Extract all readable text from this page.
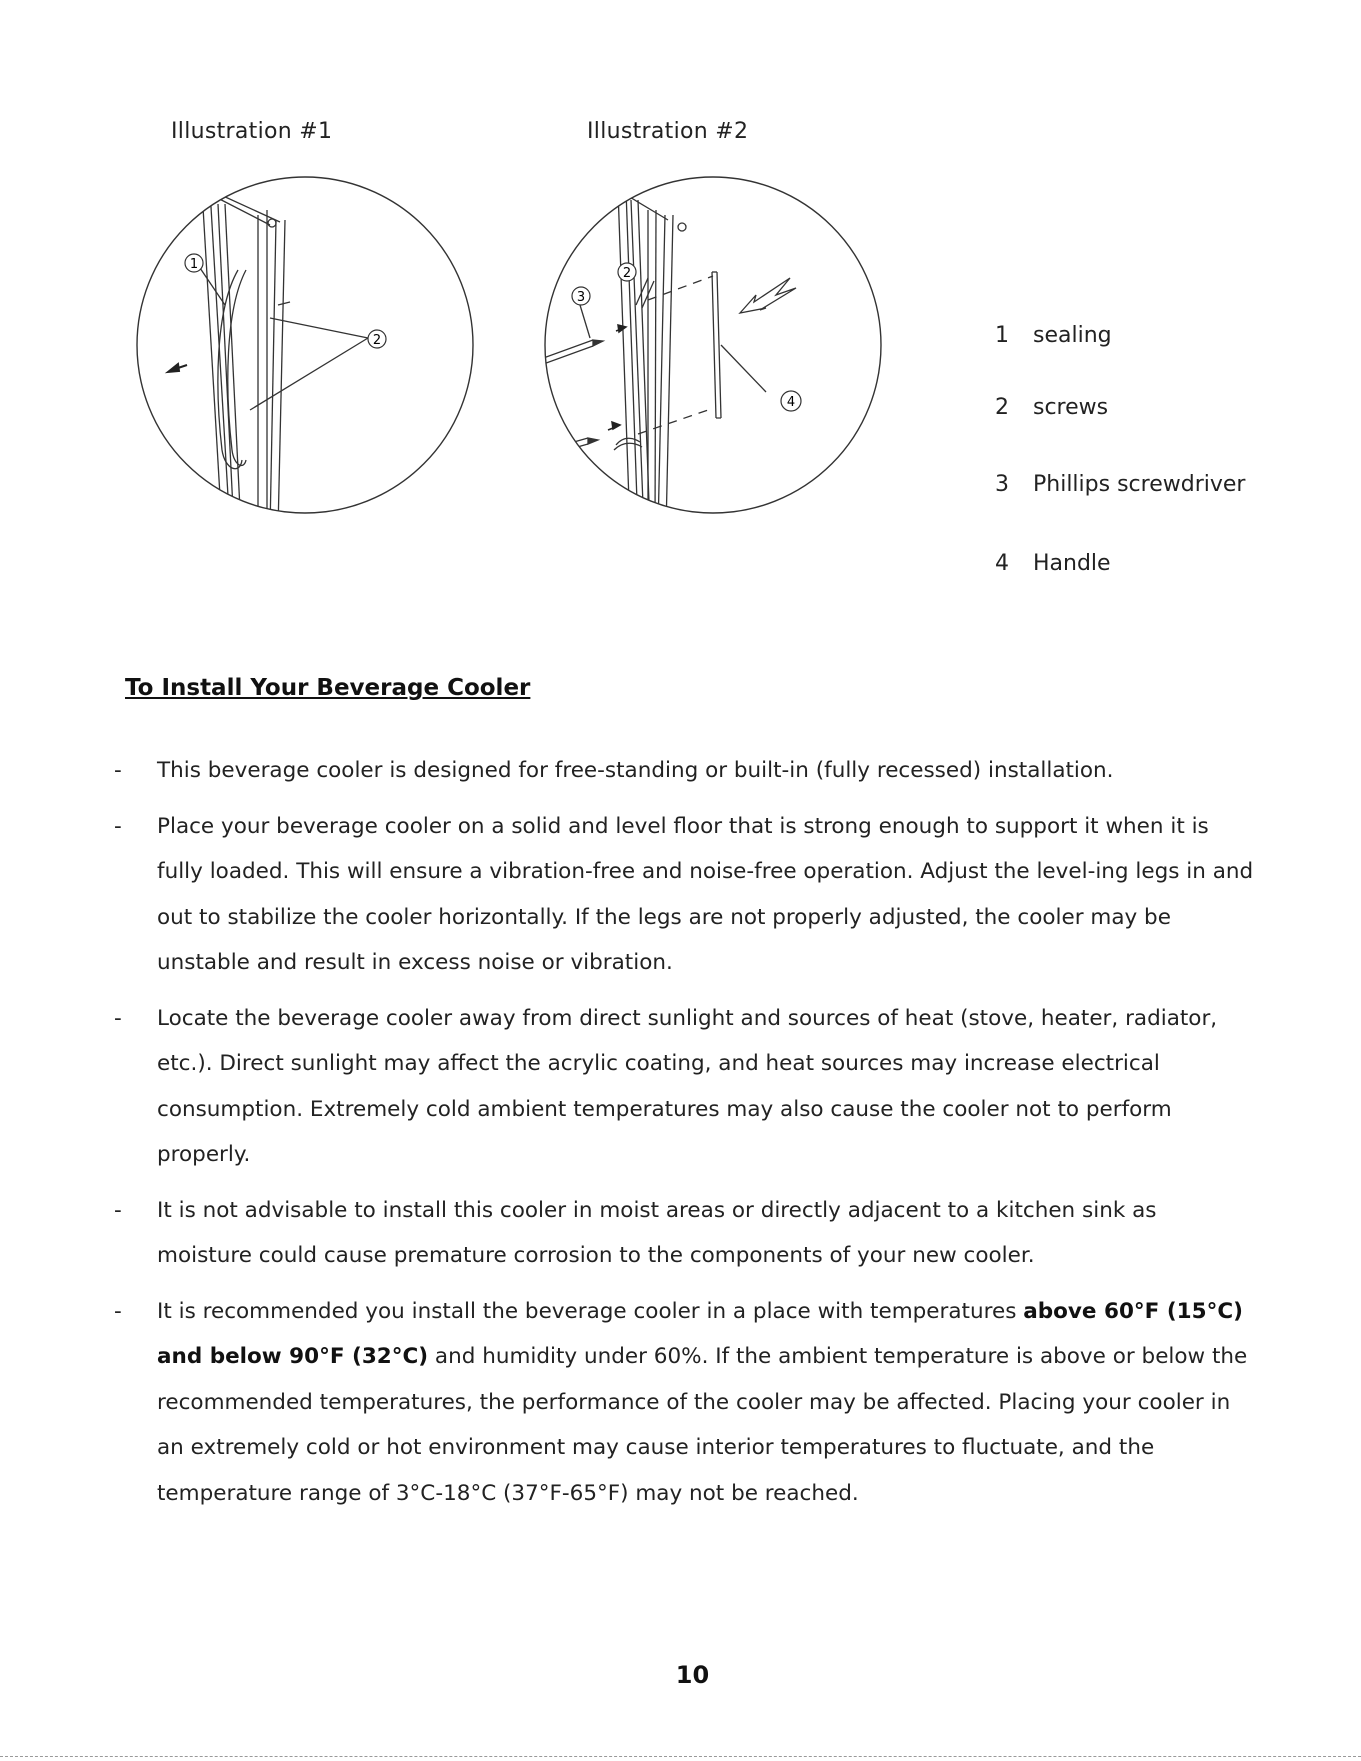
Illustration #1	Illustration #2
1
2
2
3
4
1 sealing
2 screws
3 Phillips screwdriver
4 Handle
To Install Your Beverage Cooler
- This beverage cooler is designed for free-standing or built-in (fully recessed) installation.
- Place your beverage cooler on a solid and level floor that is strong enough to support it when it is fully loaded. This will ensure a vibration-free and noise-free operation. Adjust the level-ing legs in and out to stabilize the cooler horizontally. If the legs are not properly adjusted, the cooler may be unstable and result in excess noise or vibration.
- Locate the beverage cooler away from direct sunlight and sources of heat (stove, heater, radiator, etc.). Direct sunlight may affect the acrylic coating, and heat sources may increase electrical consumption. Extremely cold ambient temperatures may also cause the cooler not to perform properly.
- It is not advisable to install this cooler in moist areas or directly adjacent to a kitchen sink as moisture could cause premature corrosion to the components of your new cooler.
- It is recommended you install the beverage cooler in a place with temperatures above 60°F (15°C) and below 90°F (32°C) and humidity under 60%. If the ambient temperature is above or below the recommended temperatures, the performance of the cooler may be affected. Placing your cooler in an extremely cold or hot environment may cause interior temperatures to fluctuate, and the temperature range of 3°C-18°C (37°F-65°F) may not be reached.
10
